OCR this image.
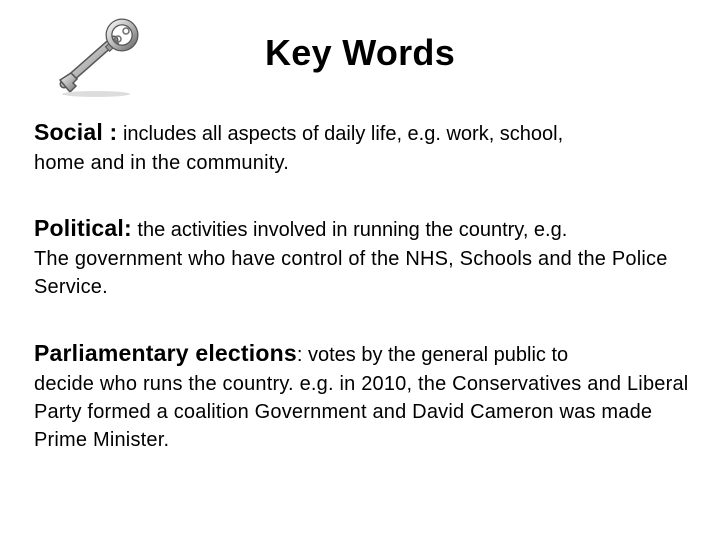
Key Words
Social : includes all aspects of daily life, e.g. work, school,
home and in the community.
Political: the activities involved in running the country, e.g.
The government who have control of the NHS, Schools and the Police Service.
Parliamentary elections: votes by the general public to
decide who runs the country. e.g. in 2010, the Conservatives and Liberal Party formed a coalition Government and David Cameron was made Prime Minister.
